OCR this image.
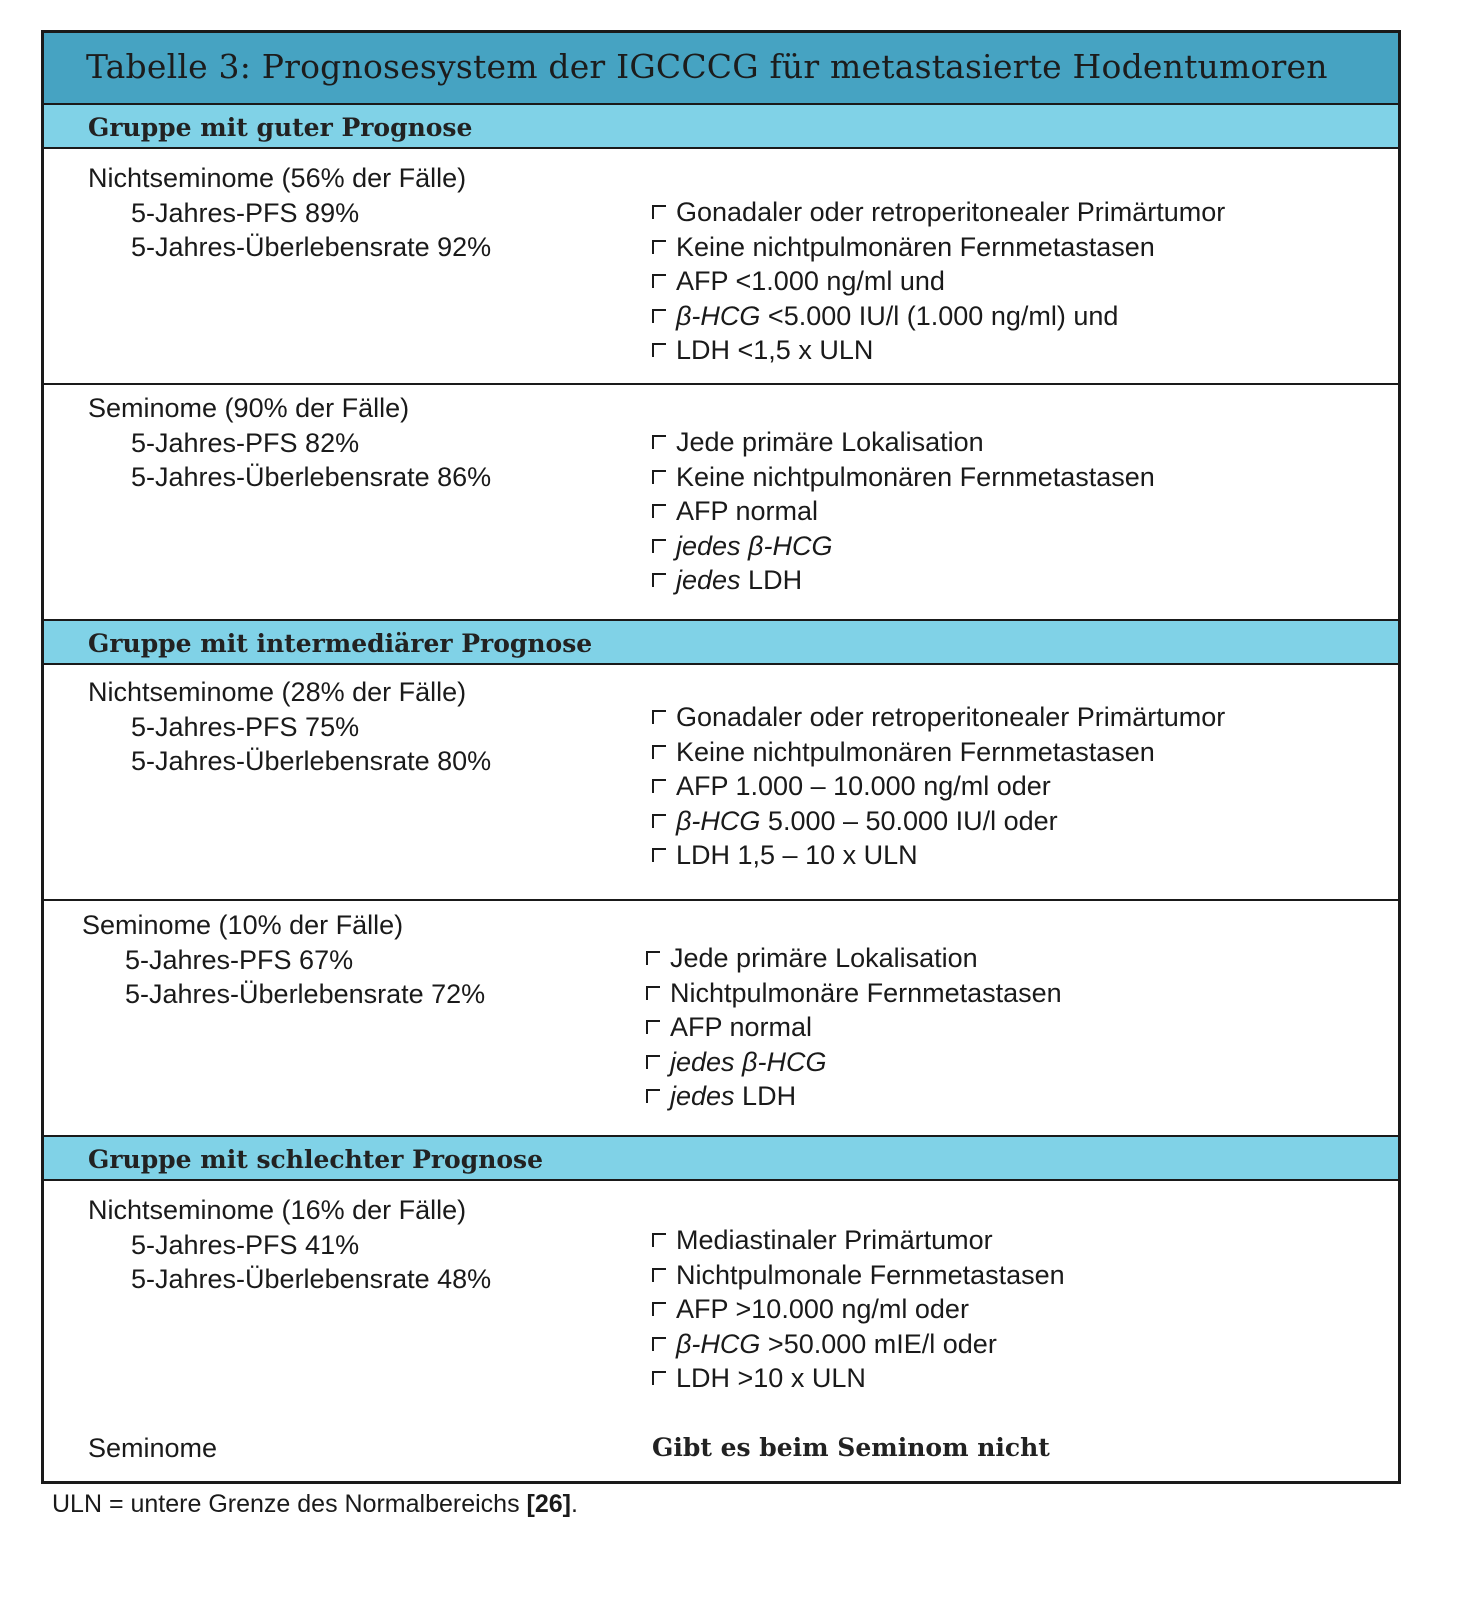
Tabelle 3: Prognosesystem der IGCCCG für metastasierte Hodentumoren
Gruppe mit guter Prognose
Nichtseminome (56% der Fälle)
5-Jahres-PFS 89%
5-Jahres-Überlebensrate 92%
Gonadaler oder retroperitonealer Primärtumor
Keine nichtpulmonären Fernmetastasen
AFP <1.000 ng/ml und
β-HCG <5.000 IU/l (1.000 ng/ml) und
LDH <1,5 x ULN
Seminome (90% der Fälle)
5-Jahres-PFS 82%
5-Jahres-Überlebensrate 86%
Jede primäre Lokalisation
Keine nichtpulmonären Fernmetastasen
AFP normal
jedes β-HCG
jedes LDH
Gruppe mit intermediärer Prognose
Nichtseminome (28% der Fälle)
5-Jahres-PFS 75%
5-Jahres-Überlebensrate 80%
Gonadaler oder retroperitonealer Primärtumor
Keine nichtpulmonären Fernmetastasen
AFP 1.000 – 10.000 ng/ml oder
β-HCG 5.000 – 50.000 IU/l oder
LDH 1,5 – 10 x ULN
Seminome (10% der Fälle)
5-Jahres-PFS 67%
5-Jahres-Überlebensrate 72%
Jede primäre Lokalisation
Nichtpulmonäre Fernmetastasen
AFP normal
jedes β-HCG
jedes LDH
Gruppe mit schlechter Prognose
Nichtseminome (16% der Fälle)
5-Jahres-PFS 41%
5-Jahres-Überlebensrate 48%
Mediastinaler Primärtumor
Nichtpulmonale Fernmetastasen
AFP >10.000 ng/ml oder
β-HCG >50.000 mIE/l oder
LDH >10 x ULN
Seminome	Gibt es beim Seminom nicht
ULN = untere Grenze des Normalbereichs [26].
